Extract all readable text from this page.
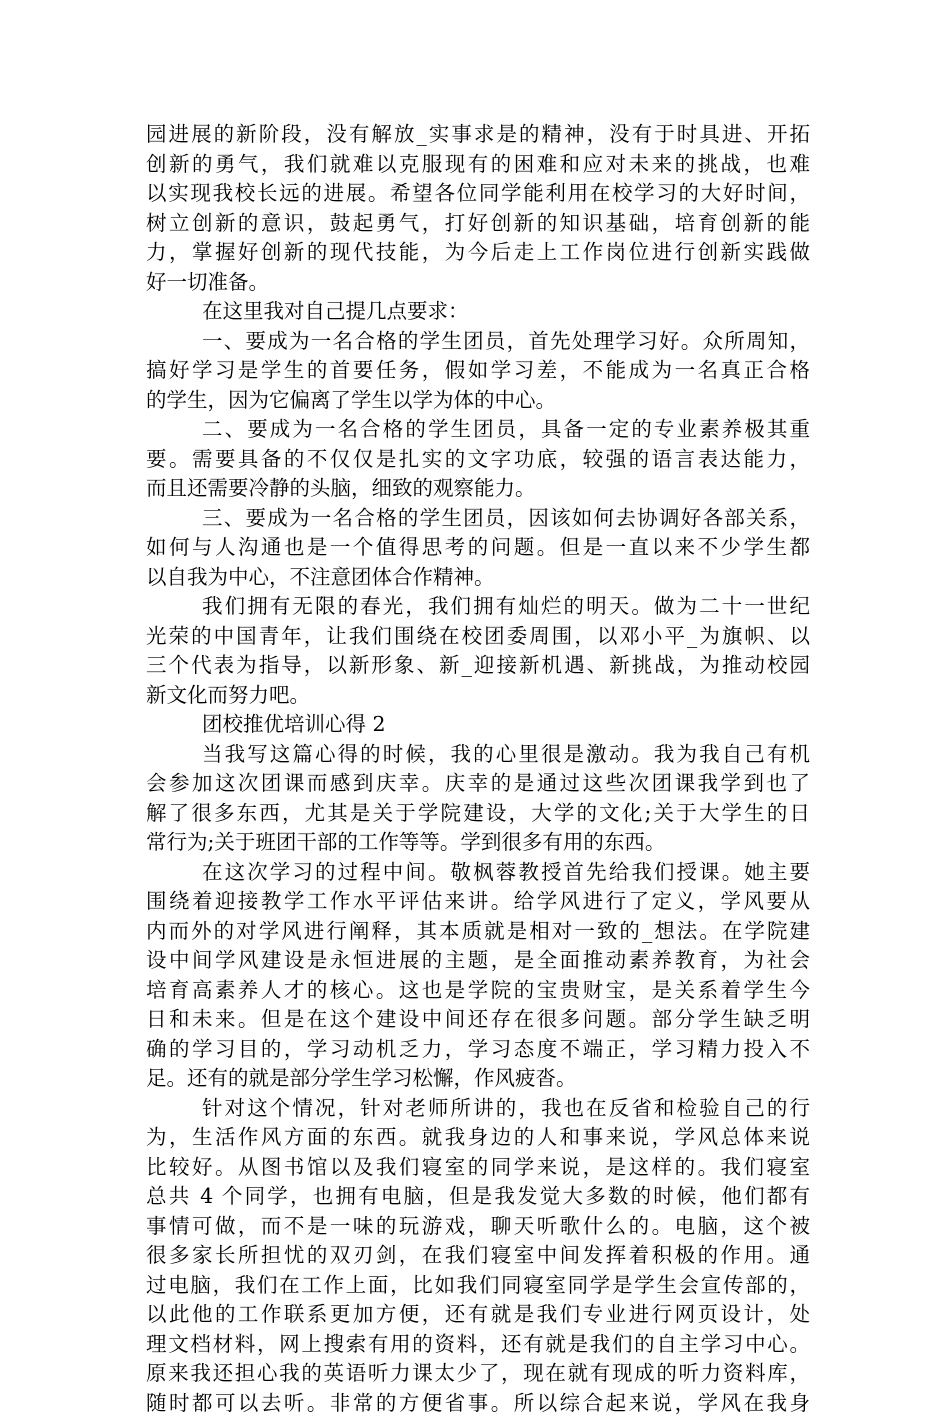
园进展的新阶段，没有解放_实事求是的精神，没有于时具进、开拓
创新的勇气，我们就难以克服现有的困难和应对未来的挑战，也难
以实现我校长远的进展。希望各位同学能利用在校学习的大好时间，
树立创新的意识，鼓起勇气，打好创新的知识基础，培育创新的能
力，掌握好创新的现代技能，为今后走上工作岗位进行创新实践做
好一切准备。
在这里我对自己提几点要求：
一、要成为一名合格的学生团员，首先处理学习好。众所周知，
搞好学习是学生的首要任务，假如学习差，不能成为一名真正合格
的学生，因为它偏离了学生以学为体的中心。
二、要成为一名合格的学生团员，具备一定的专业素养极其重
要。需要具备的不仅仅是扎实的文字功底，较强的语言表达能力，
而且还需要冷静的头脑，细致的观察能力。
三、要成为一名合格的学生团员，因该如何去协调好各部关系，
如何与人沟通也是一个值得思考的问题。但是一直以来不少学生都
以自我为中心，不注意团体合作精神。
我们拥有无限的春光，我们拥有灿烂的明天。做为二十一世纪
光荣的中国青年，让我们围绕在校团委周围，以邓小平_为旗帜、以
三个代表为指导，以新形象、新_迎接新机遇、新挑战，为推动校园
新文化而努力吧。
团校推优培训心得 2
当我写这篇心得的时候，我的心里很是激动。我为我自己有机
会参加这次团课而感到庆幸。庆幸的是通过这些次团课我学到也了
解了很多东西，尤其是关于学院建设，大学的文化;关于大学生的日
常行为;关于班团干部的工作等等。学到很多有用的东西。
在这次学习的过程中间。敬枫蓉教授首先给我们授课。她主要
围绕着迎接教学工作水平评估来讲。给学风进行了定义，学风要从
内而外的对学风进行阐释，其本质就是相对一致的_想法。在学院建
设中间学风建设是永恒进展的主题，是全面推动素养教育，为社会
培育高素养人才的核心。这也是学院的宝贵财宝，是关系着学生今
日和未来。但是在这个建设中间还存在很多问题。部分学生缺乏明
确的学习目的，学习动机乏力，学习态度不端正，学习精力投入不
足。还有的就是部分学生学习松懈，作风疲沓。
针对这个情况，针对老师所讲的，我也在反省和检验自己的行
为，生活作风方面的东西。就我身边的人和事来说，学风总体来说
比较好。从图书馆以及我们寝室的同学来说，是这样的。我们寝室
总共 4 个同学，也拥有电脑，但是我发觉大多数的时候，他们都有
事情可做，而不是一味的玩游戏，聊天听歌什么的。电脑，这个被
很多家长所担忧的双刃剑，在我们寝室中间发挥着积极的作用。通
过电脑，我们在工作上面，比如我们同寝室同学是学生会宣传部的，
以此他的工作联系更加方便，还有就是我们专业进行网页设计，处
理文档材料，网上搜索有用的资料，还有就是我们的自主学习中心。
原来我还担心我的英语听力课太少了，现在就有现成的听力资料库，
随时都可以去听。非常的方便省事。所以综合起来说，学风在我身
